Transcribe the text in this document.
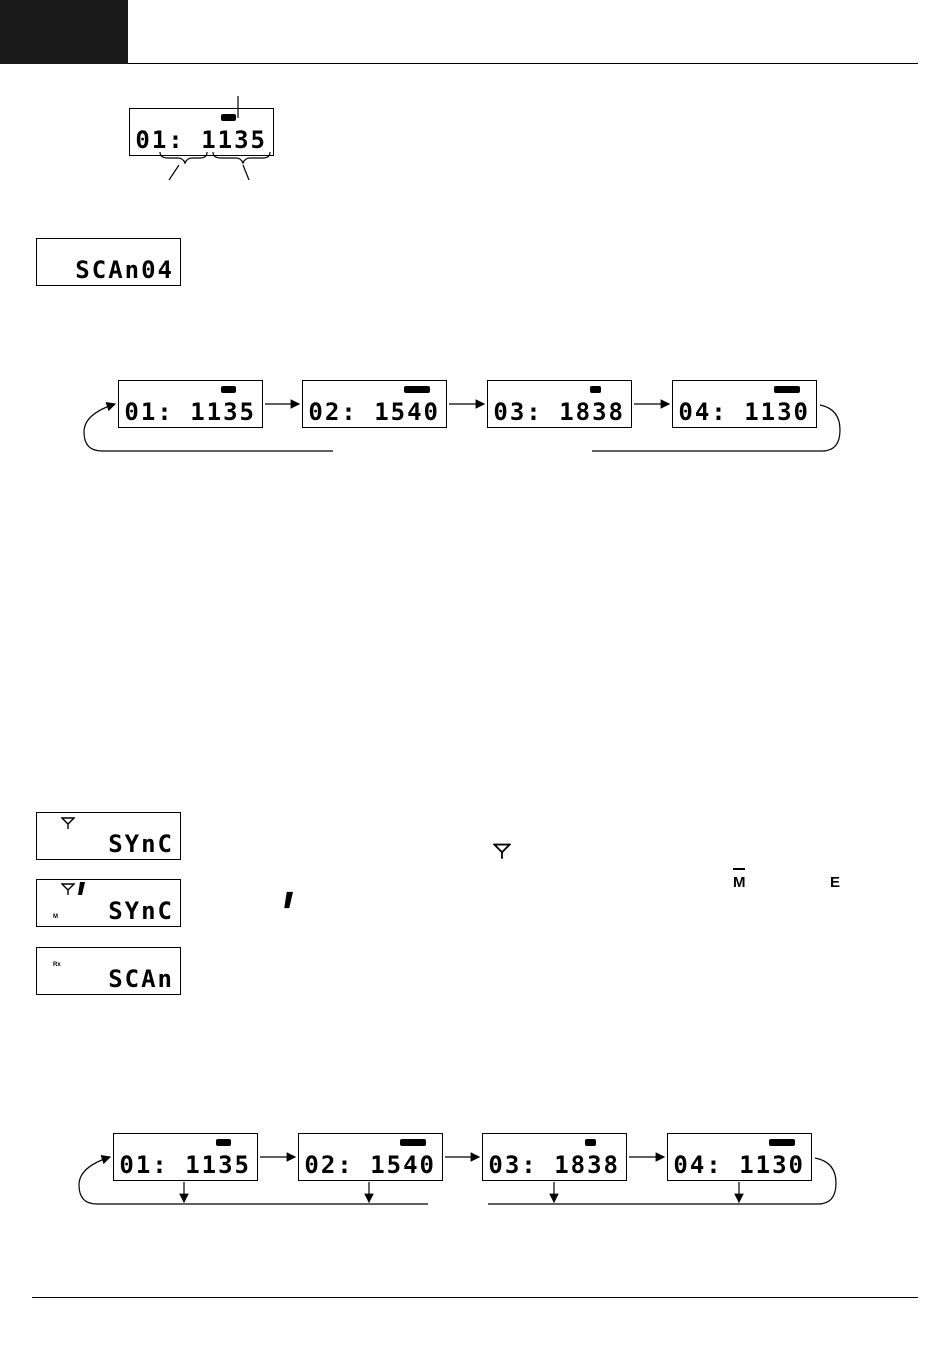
01: 1135
SCAn04
01: 1135 02: 1540 03: 1838 04: 1130
SYnC
M SYnC
Rx SCAn
M	E
01: 1135 02: 1540 03: 1838 04: 1130
